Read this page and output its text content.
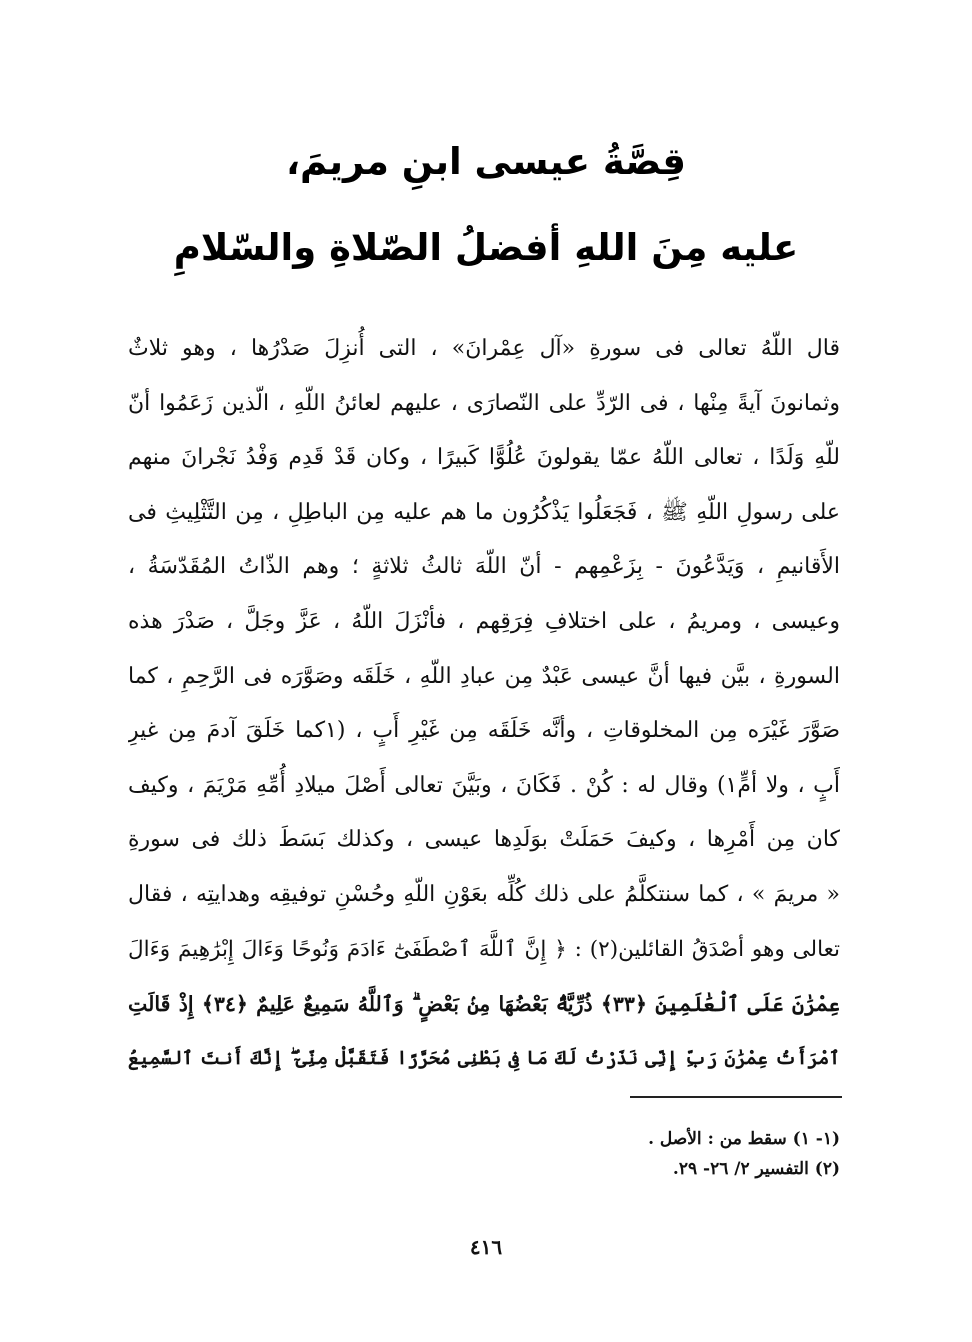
قِصَّةُ عيسى ابنِ مريمَ،
عليه مِنَ اللهِ أفضلُ الصّلاةِ والسّلامِ
قال اللّهُ تعالى فى سورةِ «آل عِمْرانَ» ، التى أُنزِلَ صَدْرُها ، وهو ثلاثٌ
وثمانونَ آيةً مِنْها ، فى الرّدِّ على النّصارَى ، عليهم لعائنُ اللّهِ ، الّذين زَعَمُوا أنّ
للّهِ وَلَدًا ، تعالى اللّهُ عمّا يقولونَ عُلُوًّا كَبيرًا ، وكان قَدْ قَدِم وَفْدُ نَجْرانَ منهم
على رسولِ اللّهِ ﷺ ، فَجَعَلُوا يَذْكُرُون ما هم عليه مِن الباطِلِ ، مِن التَّثْلِيثِ فى
الأَقانيمِ ، وَيَدَّعُونَ - بِزَعْمِهم - أنّ اللّهَ ثالثُ ثلاثةٍ ؛ وهم الذّاتُ المُقَدّسَةُ ،
وعيسى ، ومريمُ ، على اختلافِ فِرَقِهم ، فأنْزَلَ اللّهُ ، عَزَّ وجَلَّ ، صَدْرَ هذه
السورةِ ، بيَّن فيها أنَّ عيسى عَبْدٌ مِن عبادِ اللّهِ ، خَلَقَه وصَوَّرَه فى الرَّحِمِ ، كما
صَوَّرَ غَيْرَه مِن المخلوقاتِ ، وأنَّه خَلَقَه مِن غَيْرِ أَبٍ ، (١كما خَلَقَ آدمَ مِن غيرِ
أَبٍ ، ولا أمٍّ١) وقال له : كُنْ . فَكَانَ ، وبَيَّنَ تعالى أَصْلَ ميلادِ أُمِّهِ مَرْيَمَ ، وكيف
كان مِن أَمْرِها ، وكيفَ حَمَلَتْ بوَلَدِها عيسى ، وكذلك بَسَطَ ذلك فى سورةِ
« مريمَ » ، كما سنتكلَّمُ على ذلك كُلِّه بعَوْنِ اللّهِ وحُسْنِ توفيقِه وهدايتِه ، فقال
تعالى وهو أصْدَقُ القائلين(٢) : ﴿ إِنَّ ٱللَّهَ ٱصْطَفَىٰٓ ءَادَمَ وَنُوحًا وَءَالَ إِبْرَٰهِيمَ وَءَالَ
عِمْرَٰنَ عَلَى ٱلْعَٰلَمِينَ ﴿٣٣﴾ ذُرِّيَّةًۢ بَعْضُهَا مِنۢ بَعْضٍ ۗ وَٱللَّهُ سَمِيعٌ عَلِيمٌ ﴿٣٤﴾ إِذْ قَالَتِ
ٱمْرَأَتُ عِمْرَٰنَ رَبِّ إِنِّى نَذَرْتُ لَكَ مَا فِى بَطْنِى مُحَرَّرًا فَتَقَبَّلْ مِنِّىٓ ۖ إِنَّكَ أَنتَ ٱلسَّمِيعُ
(١- ١) سقط من : الأصل .
(٢) التفسير ٢/ ٢٦- ٢٩.
٤١٦
